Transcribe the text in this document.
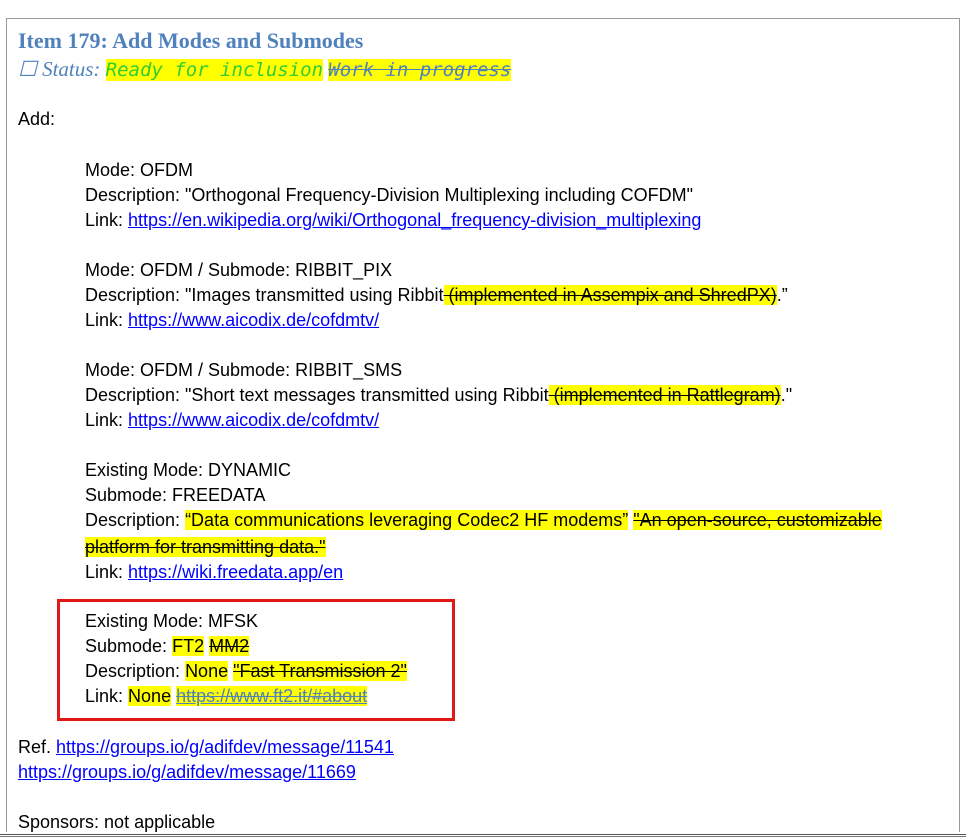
Item 179: Add Modes and Submodes
☐ Status: Ready for inclusion Work in progress
Add:
Mode: OFDM
Description: "Orthogonal Frequency-Division Multiplexing including COFDM"
Link: https://en.wikipedia.org/wiki/Orthogonal_frequency-division_multiplexing
Mode: OFDM / Submode: RIBBIT_PIX
Description: "Images transmitted using Ribbit (implemented in Assempix and ShredPX).”
Link: https://www.aicodix.de/cofdmtv/
Mode: OFDM / Submode: RIBBIT_SMS
Description: "Short text messages transmitted using Ribbit (implemented in Rattlegram)."
Link: https://www.aicodix.de/cofdmtv/
Existing Mode: DYNAMIC
Submode: FREEDATA
Description: “Data communications leveraging Codec2 HF modems” "An open-source, customizable
platform for transmitting data."
Link: https://wiki.freedata.app/en
Existing Mode: MFSK
Submode: FT2 MM2
Description: None "Fast Transmission 2"
Link: None https://www.ft2.it/#about
Ref. https://groups.io/g/adifdev/message/11541
https://groups.io/g/adifdev/message/11669
Sponsors: not applicable
